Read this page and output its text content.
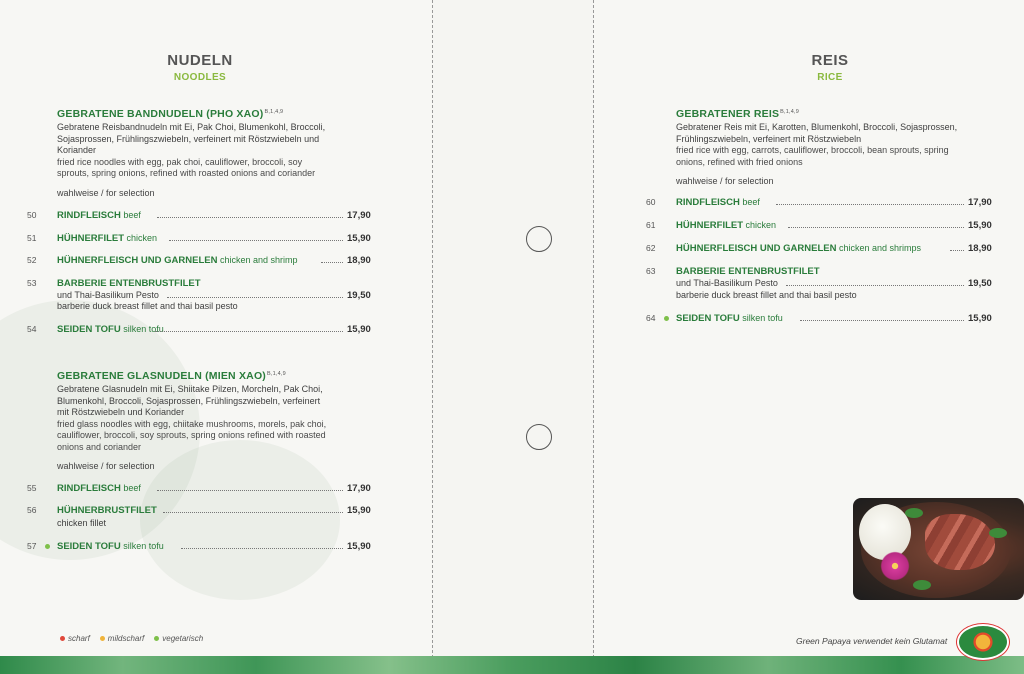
NUDELN
NOODLES
GEBRATENE BANDNUDELN (PHO XAO)$^{B,1,4,9}$
Gebratene Reisbandnudeln mit Ei, Pak Choi, Blumenkohl, Broccoli,
Sojasprossen, Frühlingszwiebeln, verfeinert mit Röstzwiebeln und
Koriander
fried rice noodles with egg, pak choi, cauliflower, broccoli, soy
sprouts, spring onions, refined with roasted onions and coriander
wahlweise / for selection
50	RINDFLEISCH beef	17,90
51	HÜHNERFILET chicken	15,90
52	HÜHNERFLEISCH UND GARNELEN chicken and shrimp	18,90
53	BARBERIE ENTENBRUSTFILET
und Thai-Basilikum Pesto	19,50
barberie duck breast fillet and thai basil pesto
54	SEIDEN TOFU silken tofu	15,90
GEBRATENE GLASNUDELN (MIEN XAO)$^{B,1,4,9}$
Gebratene Glasnudeln mit Ei, Shiitake Pilzen, Morcheln, Pak Choi,
Blumenkohl, Broccoli, Sojasprossen, Frühlingszwiebeln, verfeinert
mit Röstzwiebeln und Koriander
fried glass noodles with egg, chiitake mushrooms, morels, pak choi,
cauliflower, broccoli, soy sprouts, spring onions refined with roasted
onions and coriander
wahlweise / for selection
55	RINDFLEISCH beef	17,90
56	HÜHNERBRUSTFILET	15,90
chicken fillet
57	SEIDEN TOFU silken tofu	15,90
scharf mildscharf vegetarisch
REIS
RICE
GEBRATENER $REIS^{B,1,4,9}$
Gebratener Reis mit Ei, Karotten, Blumenkohl, Broccoli, Sojasprossen,
Frühlingszwiebeln, verfeinert mit Röstzwiebeln
fried rice with egg, carrots, cauliflower, broccoli, bean sprouts, spring
onions, refined with fried onions
wahlweise / for selection
60	RINDFLEISCH beef	17,90
61	HÜHNERFILET chicken	15,90
62	HÜHNERFLEISCH UND GARNELEN chicken and shrimps	18,90
63	BARBERIE ENTENBRUSTFILET
und Thai-Basilikum Pesto	19,50
barberie duck breast fillet and thai basil pesto
64	SEIDEN TOFU silken tofu	15,90
Green Papaya verwendet kein Glutamat
